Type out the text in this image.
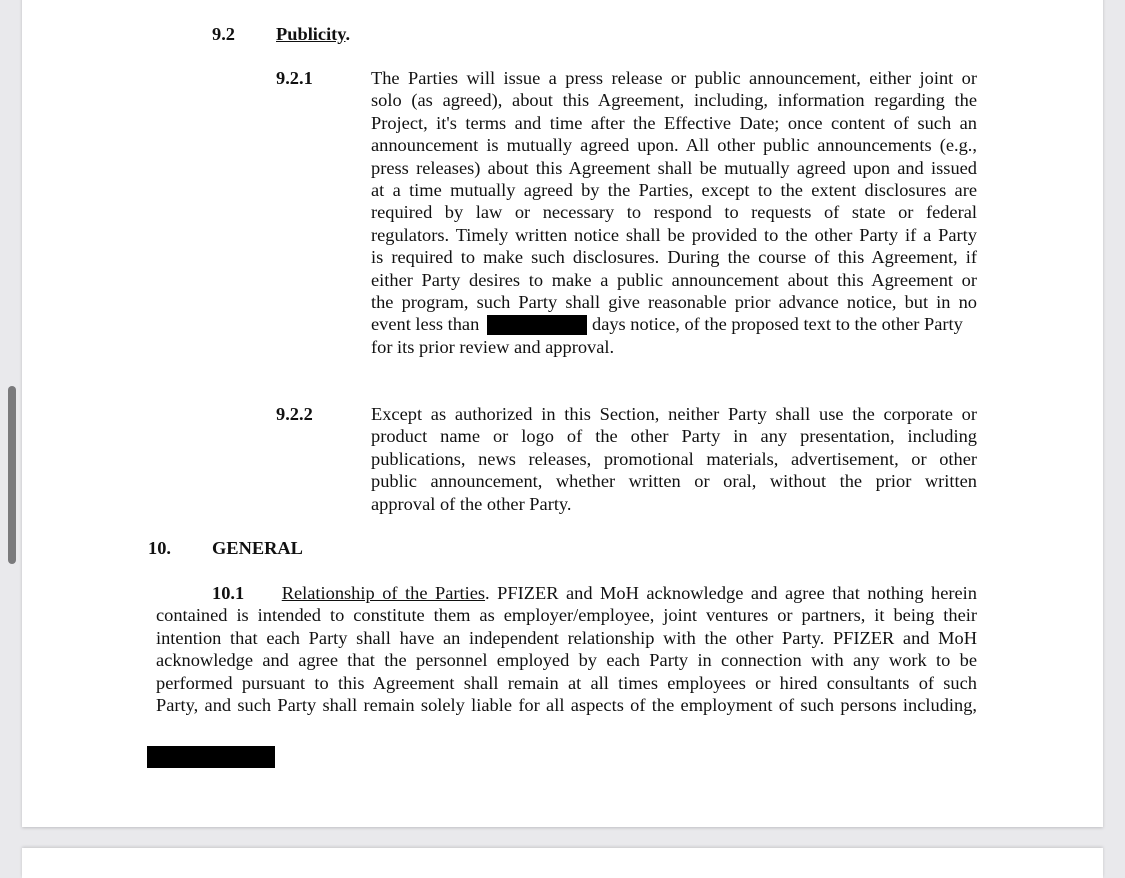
9.2 Publicity.
9.2.1	The Parties will issue a press release or public announcement, either joint or
solo (as agreed), about this Agreement, including, information regarding the
Project, it's terms and time after the Effective Date; once content of such an
announcement is mutually agreed upon. All other public announcements (e.g.,
press releases) about this Agreement shall be mutually agreed upon and issued
at a time mutually agreed by the Parties, except to the extent disclosures are
required by law or necessary to respond to requests of state or federal
regulators. Timely written notice shall be provided to the other Party if a Party
is required to make such disclosures. During the course of this Agreement, if
either Party desires to make a public announcement about this Agreement or
the program, such Party shall give reasonable prior advance notice, but in no
event less than	days notice, of the proposed text to the other Party
for its prior review and approval.
9.2.2	Except as authorized in this Section, neither Party shall use the corporate or
product name or logo of the other Party in any presentation, including
publications, news releases, promotional materials, advertisement, or other
public announcement, whether written or oral, without the prior written
approval of the other Party.
10. GENERAL
10.1 Relationship of the Parties. PFIZER and MoH acknowledge and agree that nothing herein
contained is intended to constitute them as employer/employee, joint ventures or partners, it being their
intention that each Party shall have an independent relationship with the other Party. PFIZER and MoH
acknowledge and agree that the personnel employed by each Party in connection with any work to be
performed pursuant to this Agreement shall remain at all times employees or hired consultants of such
Party, and such Party shall remain solely liable for all aspects of the employment of such persons including,
